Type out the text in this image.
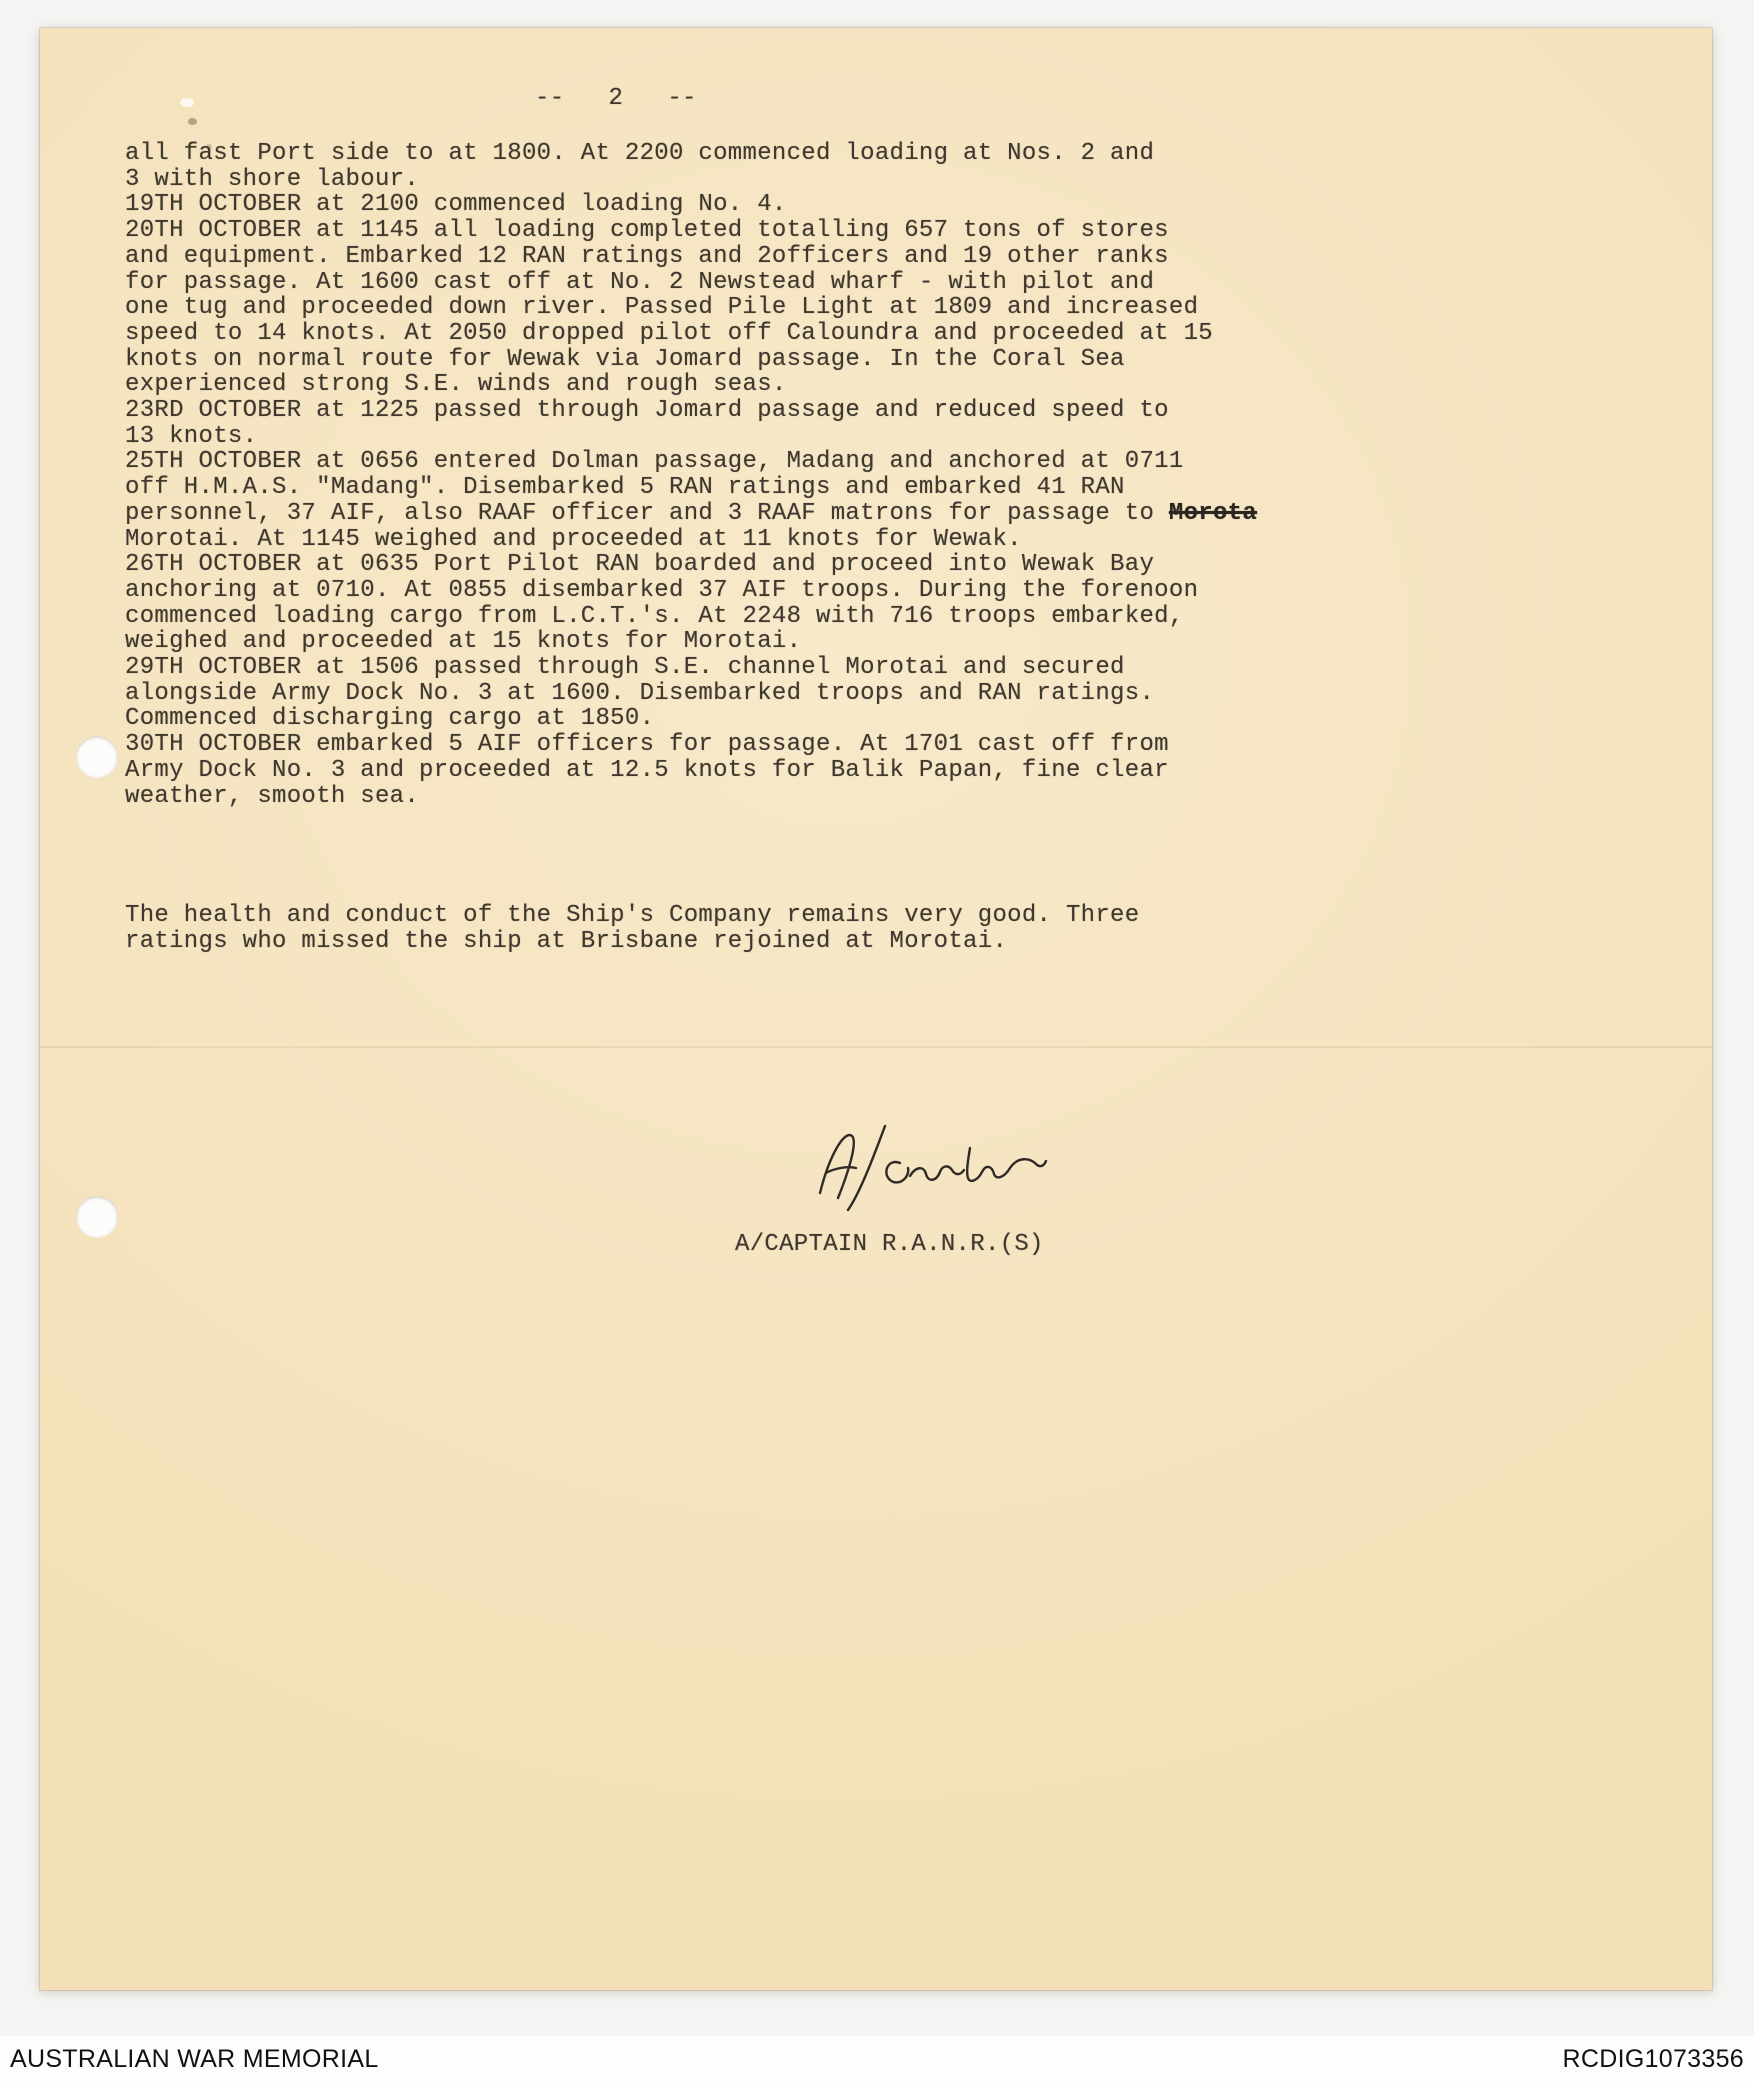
--   2   --
all fast Port side to at 1800. At 2200 commenced loading at Nos. 2 and
3 with shore labour.
19TH OCTOBER at 2100 commenced loading No. 4.
20TH OCTOBER at 1145 all loading completed totalling 657 tons of stores
and equipment. Embarked 12 RAN ratings and 2officers and 19 other ranks
for passage. At 1600 cast off at No. 2 Newstead wharf - with pilot and
one tug and proceeded down river. Passed Pile Light at 1809 and increased
speed to 14 knots. At 2050 dropped pilot off Caloundra and proceeded at 15
knots on normal route for Wewak via Jomard passage. In the Coral Sea
experienced strong S.E. winds and rough seas.
23RD OCTOBER at 1225 passed through Jomard passage and reduced speed to
13 knots.
25TH OCTOBER at 0656 entered Dolman passage, Madang and anchored at 0711
off H.M.A.S. "Madang". Disembarked 5 RAN ratings and embarked 41 RAN
personnel, 37 AIF, also RAAF officer and 3 RAAF matrons for passage to Morota
Morotai. At 1145 weighed and proceeded at 11 knots for Wewak.
26TH OCTOBER at 0635 Port Pilot RAN boarded and proceed into Wewak Bay
anchoring at 0710. At 0855 disembarked 37 AIF troops. During the forenoon
commenced loading cargo from L.C.T.'s. At 2248 with 716 troops embarked,
weighed and proceeded at 15 knots for Morotai.
29TH OCTOBER at 1506 passed through S.E. channel Morotai and secured
alongside Army Dock No. 3 at 1600. Disembarked troops and RAN ratings.
Commenced discharging cargo at 1850.
30TH OCTOBER embarked 5 AIF officers for passage. At 1701 cast off from
Army Dock No. 3 and proceeded at 12.5 knots for Balik Papan, fine clear
weather, smooth sea.
The health and conduct of the Ship's Company remains very good. Three
ratings who missed the ship at Brisbane rejoined at Morotai.
A/CAPTAIN R.A.N.R.(S)
AUSTRALIAN WAR MEMORIAL	RCDIG1073356
